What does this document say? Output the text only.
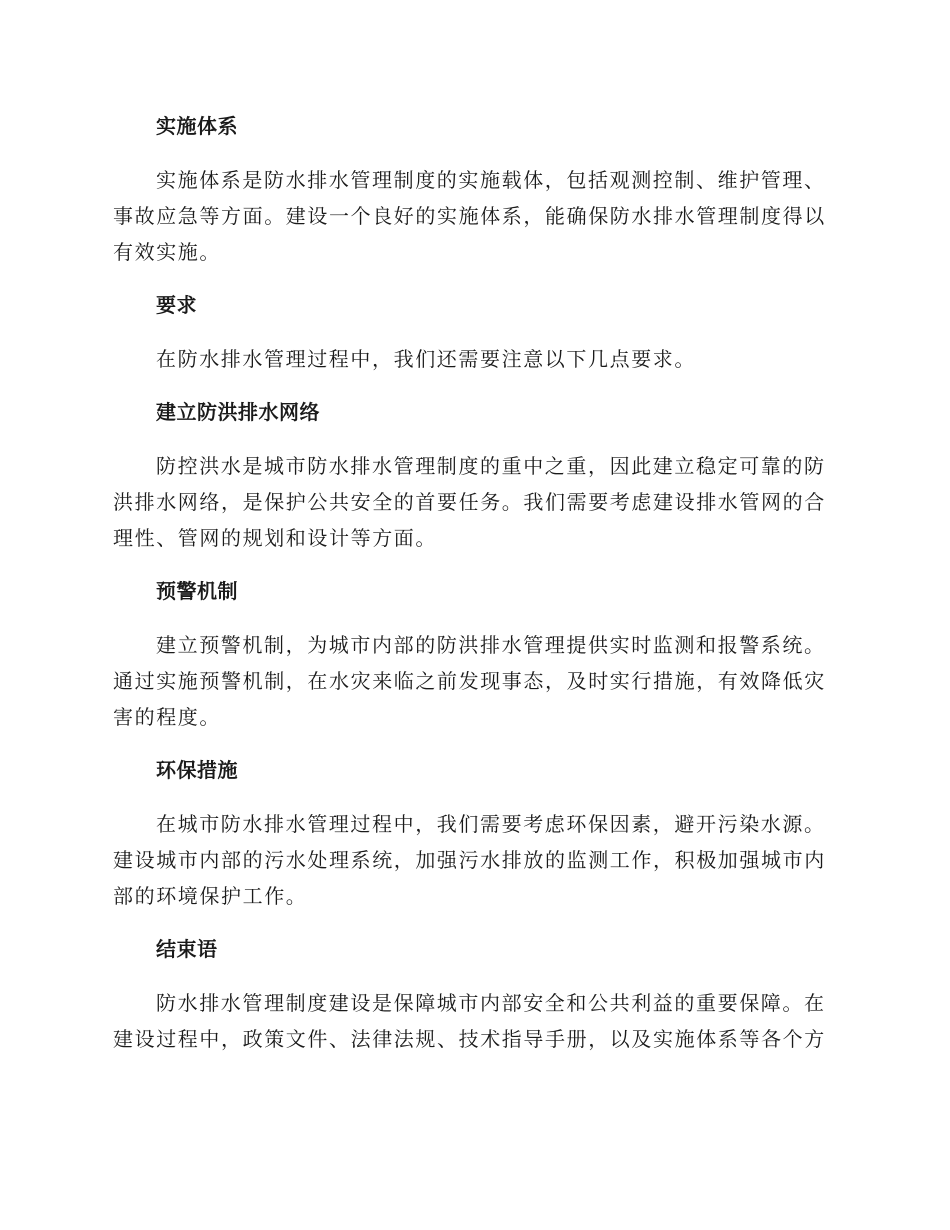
实施体系

实施体系是防水排水管理制度的实施载体，包括观测控制、维护管理、
事故应急等方面。建设一个良好的实施体系，能确保防水排水管理制度得以
有效实施。

要求

在防水排水管理过程中，我们还需要注意以下几点要求。

建立防洪排水网络

防控洪水是城市防水排水管理制度的重中之重，因此建立稳定可靠的防
洪排水网络，是保护公共安全的首要任务。我们需要考虑建设排水管网的合
理性、管网的规划和设计等方面。

预警机制

建立预警机制，为城市内部的防洪排水管理提供实时监测和报警系统。
通过实施预警机制，在水灾来临之前发现事态，及时实行措施，有效降低灾
害的程度。

环保措施

在城市防水排水管理过程中，我们需要考虑环保因素，避开污染水源。
建设城市内部的污水处理系统，加强污水排放的监测工作，积极加强城市内
部的环境保护工作。

结束语

防水排水管理制度建设是保障城市内部安全和公共利益的重要保障。在
建设过程中，政策文件、法律法规、技术指导手册，以及实施体系等各个方
